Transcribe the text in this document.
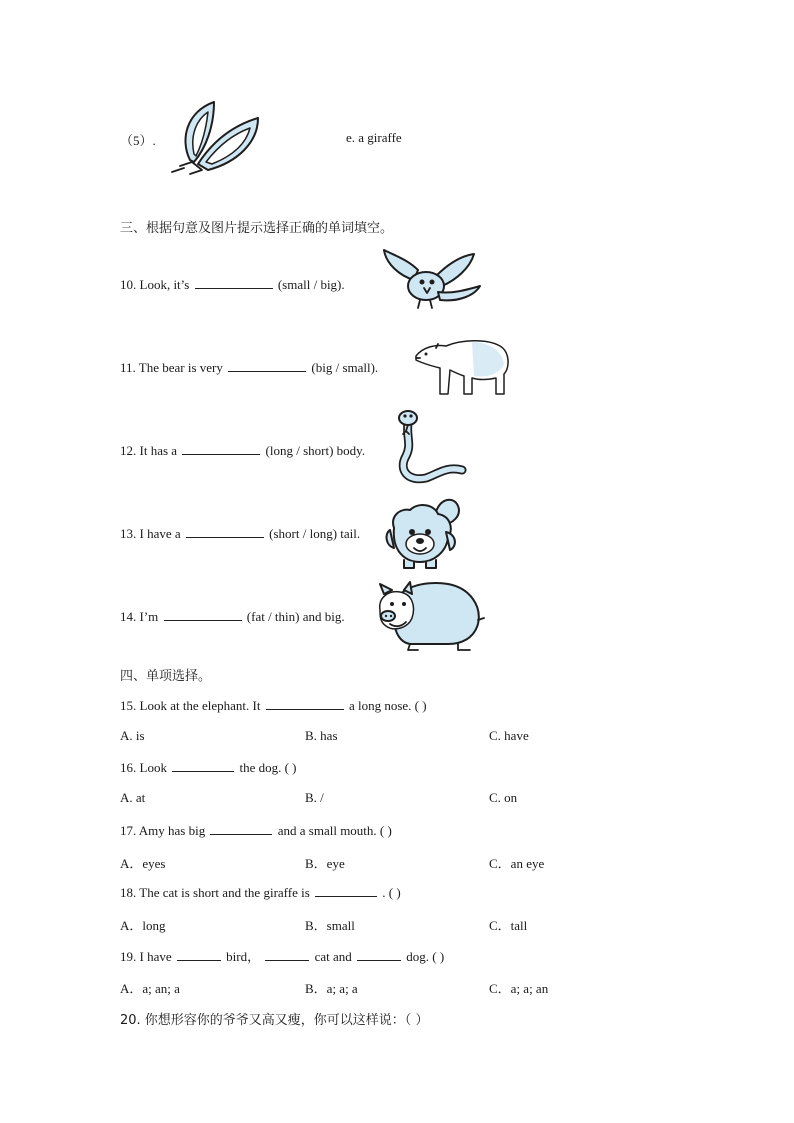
（5）.	e. a giraffe
三、根据句意及图片提示选择正确的单词填空。
10. Look, it’s	(small / big).
11. The bear is very	(big / small).
12. It has a	(long / short) body.
13. I have a	(short / long) tail.
14. I’m	(fat / thin) and big.
四、单项选择。
15. Look at the elephant. It	a long nose. ( )
A. is	B. has	C. have
16. Look	the dog. ( )
A. at	B. /	C. on
17. Amy has big	and a small mouth. ( )
A．eyes	B．eye	C．an eye
18. The cat is short and the giraffe is	. ( )
A．long	B．small	C．tall
19. I have	bird，	cat and	dog. ( )
A．a; an; a	B．a; a; a	C．a; a; an
20. 你想形容你的爷爷又高又瘦，你可以这样说：（ ）
